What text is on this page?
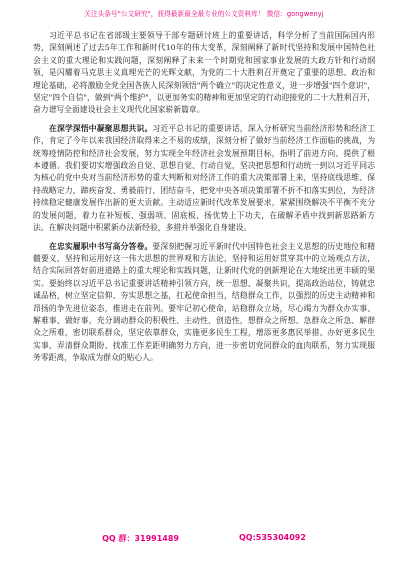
关注头条号"公文研究"，获得最新最全最专业的公文资料库！ 微信：gongwenyj

习近平总书记在省部级主要领导干部专题研讨班上的重要讲话，科学分析了当前国际国内形势，深刻阐述了过去5年工作和新时代10年的伟大变革，深刻阐释了新时代坚持和发展中国特色社会主义的重大理论和实践问题，深刻阐释了未来一个时期党和国家事业发展的大政方针和行动纲领，是闪耀着马克思主义真理光芒的光辉文献，为党的二十大胜利召开奠定了重要的思想、政治和理论基础，必将激励全党全国各族人民深刻领悟"两个确立"的决定性意义，进一步增强"四个意识"，坚定"四个自信"，做到"两个维护"，以更加务实的精神和更加坚定的行动迎接党的二十大胜利召开，奋力谱写全面建设社会主义现代化国家崭新篇章。

在深学深悟中凝聚思想共识。习近平总书记的重要讲话，深入分析研究当前经济形势和经济工作，肯定了今年以来我国经济取得来之不易的成绩，深刻分析了做好当前经济工作面临的挑战，为统筹疫情防控和经济社会发展，努力实现全年经济社会发展预期目标，指明了前进方向、提供了根本遵循。我们要切实增强政治自觉、思想自觉、行动自觉，坚决把思想和行动统一到以习近平同志为核心的党中央对当前经济形势的重大判断和对经济工作的重大决策部署上来，坚持底线思维、保持战略定力，蹄疾奋发、勇毅前行、团结奋斗，把党中央各项决策部署不折不扣落实到位，为经济持续稳定健康发展作出新的更大贡献。主动适应新时代改革发展要求，紧紧围绕解决不平衡不充分的发展问题，着力在补短板、强弱项、固底板、扬优势上下功夫，在破解矛盾中找到新思路新方法。在解决问题中积累新办法新经验，多措并举强化自身建设。

在忠实履职中书写高分答卷。要深刻把握习近平新时代中国特色社会主义思想的历史地位和精髓要义，坚持和运用好这一伟大思想的世界观和方法论，坚持和运用好贯穿其中的立场观点方法，结合实际回答好前进道路上的重大理论和实践问题，让新时代党的创新理论在大地绽出更丰硕的果实。要始终以习近平总书记重要讲话精神引领方向，统一思想、凝聚共识，提高政治站位，铸就忠诚品格，树立坚定信仰、夯实思想之基，扛起使命担当，结稳群众工作，以强烈的历史主动精神和昂扬的争先进位姿态，推进走在前列。要牢记初心使命，站稳群众立场，尽心竭力为群众办实事、解难事、做好事，充分调动群众的积极性、主动性、创造性，想群众之所想、急群众之所急、解群众之所难，密切联系群众，坚定依靠群众，实施更多民生工程，增添更多惠民举措、办好更多民生实事，弄清群众期盼、找准工作差距明确努力方向，进一步密切党同群众的血肉联系，努力实现服务零距离，争取成为群众的贴心人。

QQ 群：31991489	QQ:535304092
